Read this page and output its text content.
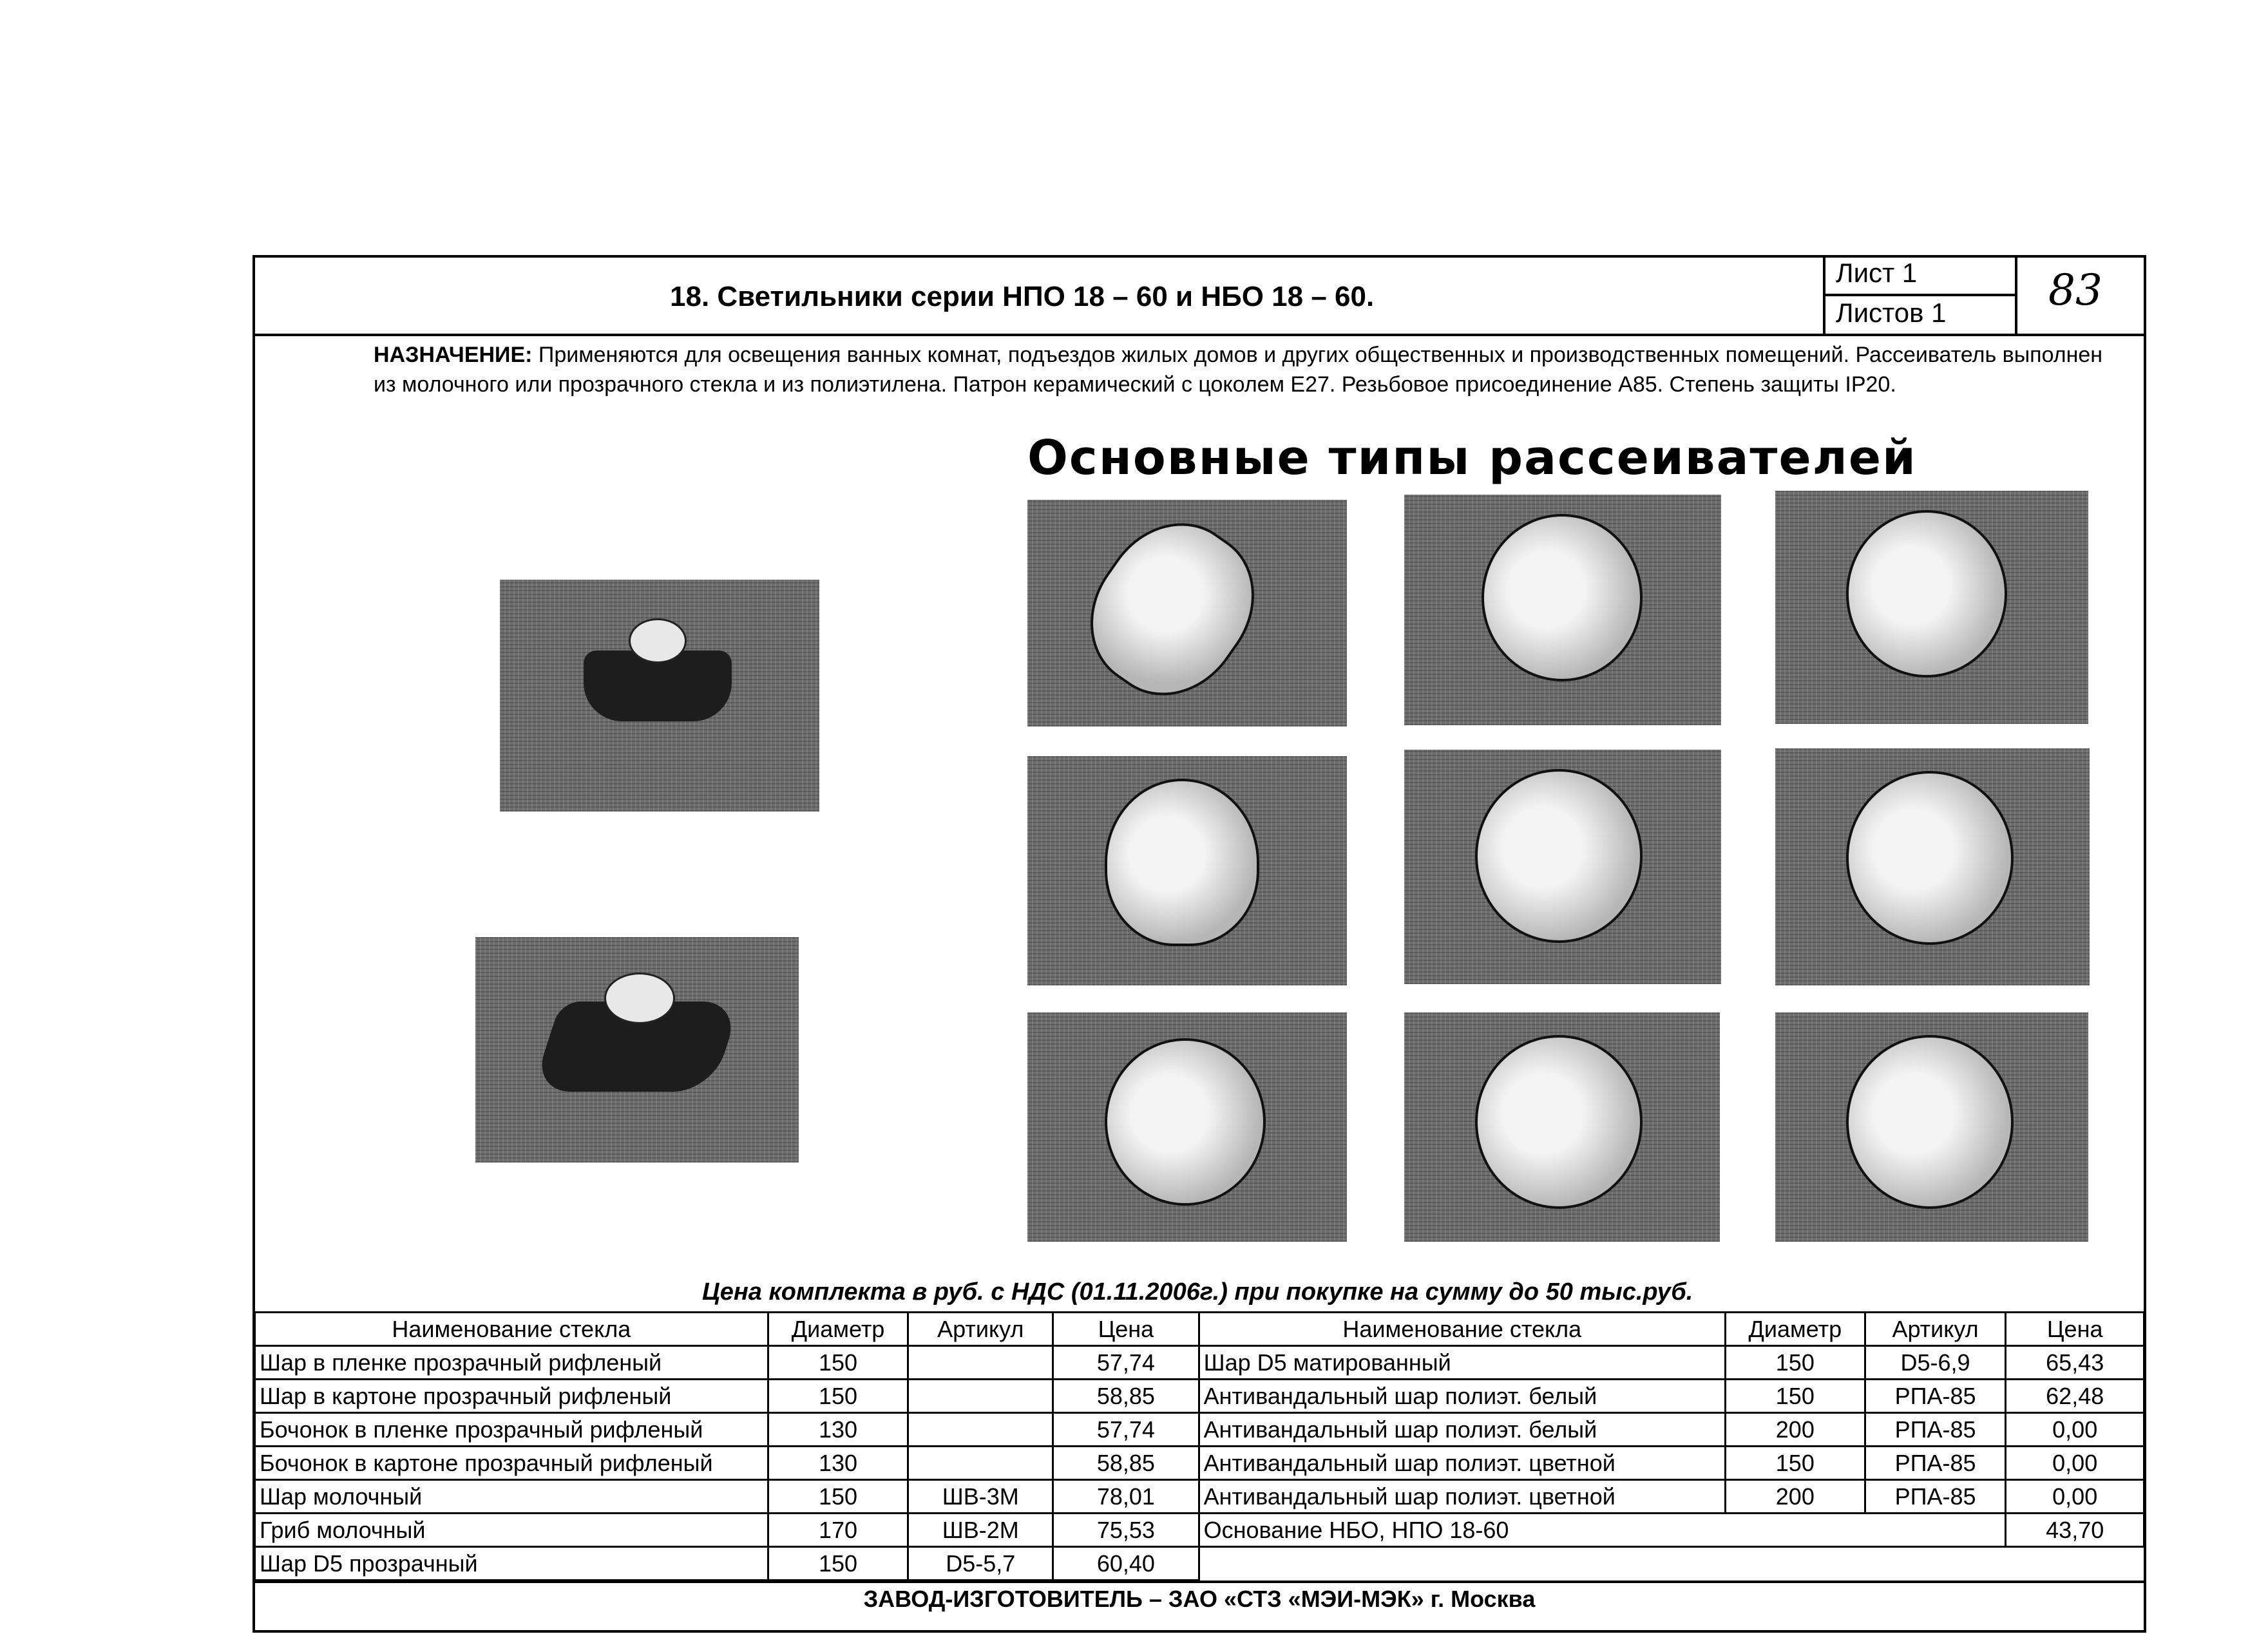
18. Светильники серии НПО 18 – 60 и НБО 18 – 60.
Лист 1
Листов 1 83
НАЗНАЧЕНИЕ: Применяются для освещения ванных комнат, подъездов жилых домов и других общественных и производственных помещений. Рассеиватель выполнен из молочного или прозрачного стекла и из полиэтилена. Патрон керамический с цоколем Е27. Резьбовое присоединение А85. Степень защиты IP20.
Основные типы рассеивателей
Цена комплекта в руб. с НДС (01.11.2006г.) при покупке на сумму до 50 тыс.руб.
Наименование стекла	Диаметр	Артикул	Цена	Наименование стекла	Диаметр	Артикул	Цена
Шар в пленке прозрачный рифленый	150		57,74	Шар D5 матированный	150	D5-6,9	65,43
Шар в картоне прозрачный рифленый	150		58,85	Антивандальный шар полиэт. белый	150	РПА-85	62,48
Бочонок в пленке прозрачный рифленый	130		57,74	Антивандальный шар полиэт. белый	200	РПА-85	0,00
Бочонок в картоне прозрачный рифленый	130		58,85	Антивандальный шар полиэт. цветной	150	РПА-85	0,00
Шар молочный	150	ШВ-3М	78,01	Антивандальный шар полиэт. цветной	200	РПА-85	0,00
Гриб молочный	170	ШВ-2М	75,53	Основание НБО, НПО 18-60			43,70
Шар D5 прозрачный	150	D5-5,7	60,40				
ЗАВОД-ИЗГОТОВИТЕЛЬ – ЗАО «СТЗ «МЭИ-МЭК» г. Москва
